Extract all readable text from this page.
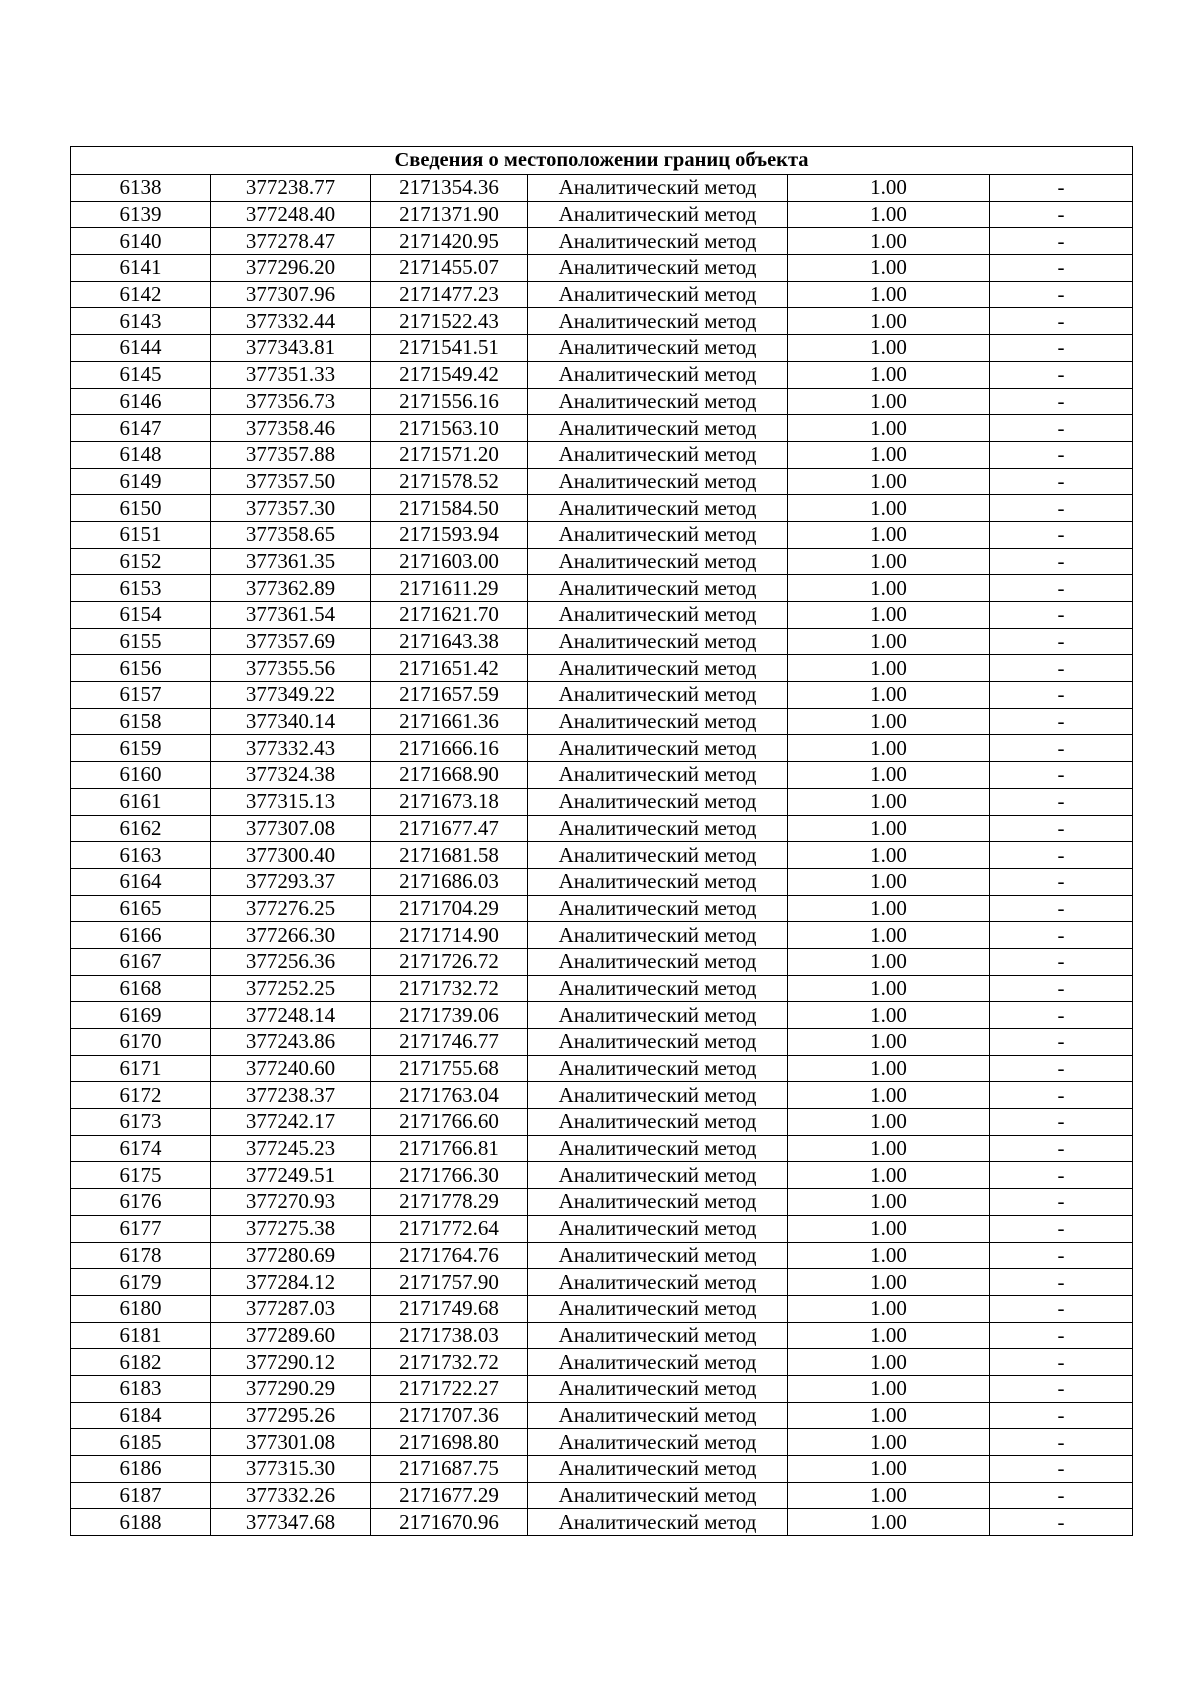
Сведения о местоположении границ объекта					
6138	377238.77	2171354.36	Аналитический метод	1.00	-
6139	377248.40	2171371.90	Аналитический метод	1.00	-
6140	377278.47	2171420.95	Аналитический метод	1.00	-
6141	377296.20	2171455.07	Аналитический метод	1.00	-
6142	377307.96	2171477.23	Аналитический метод	1.00	-
6143	377332.44	2171522.43	Аналитический метод	1.00	-
6144	377343.81	2171541.51	Аналитический метод	1.00	-
6145	377351.33	2171549.42	Аналитический метод	1.00	-
6146	377356.73	2171556.16	Аналитический метод	1.00	-
6147	377358.46	2171563.10	Аналитический метод	1.00	-
6148	377357.88	2171571.20	Аналитический метод	1.00	-
6149	377357.50	2171578.52	Аналитический метод	1.00	-
6150	377357.30	2171584.50	Аналитический метод	1.00	-
6151	377358.65	2171593.94	Аналитический метод	1.00	-
6152	377361.35	2171603.00	Аналитический метод	1.00	-
6153	377362.89	2171611.29	Аналитический метод	1.00	-
6154	377361.54	2171621.70	Аналитический метод	1.00	-
6155	377357.69	2171643.38	Аналитический метод	1.00	-
6156	377355.56	2171651.42	Аналитический метод	1.00	-
6157	377349.22	2171657.59	Аналитический метод	1.00	-
6158	377340.14	2171661.36	Аналитический метод	1.00	-
6159	377332.43	2171666.16	Аналитический метод	1.00	-
6160	377324.38	2171668.90	Аналитический метод	1.00	-
6161	377315.13	2171673.18	Аналитический метод	1.00	-
6162	377307.08	2171677.47	Аналитический метод	1.00	-
6163	377300.40	2171681.58	Аналитический метод	1.00	-
6164	377293.37	2171686.03	Аналитический метод	1.00	-
6165	377276.25	2171704.29	Аналитический метод	1.00	-
6166	377266.30	2171714.90	Аналитический метод	1.00	-
6167	377256.36	2171726.72	Аналитический метод	1.00	-
6168	377252.25	2171732.72	Аналитический метод	1.00	-
6169	377248.14	2171739.06	Аналитический метод	1.00	-
6170	377243.86	2171746.77	Аналитический метод	1.00	-
6171	377240.60	2171755.68	Аналитический метод	1.00	-
6172	377238.37	2171763.04	Аналитический метод	1.00	-
6173	377242.17	2171766.60	Аналитический метод	1.00	-
6174	377245.23	2171766.81	Аналитический метод	1.00	-
6175	377249.51	2171766.30	Аналитический метод	1.00	-
6176	377270.93	2171778.29	Аналитический метод	1.00	-
6177	377275.38	2171772.64	Аналитический метод	1.00	-
6178	377280.69	2171764.76	Аналитический метод	1.00	-
6179	377284.12	2171757.90	Аналитический метод	1.00	-
6180	377287.03	2171749.68	Аналитический метод	1.00	-
6181	377289.60	2171738.03	Аналитический метод	1.00	-
6182	377290.12	2171732.72	Аналитический метод	1.00	-
6183	377290.29	2171722.27	Аналитический метод	1.00	-
6184	377295.26	2171707.36	Аналитический метод	1.00	-
6185	377301.08	2171698.80	Аналитический метод	1.00	-
6186	377315.30	2171687.75	Аналитический метод	1.00	-
6187	377332.26	2171677.29	Аналитический метод	1.00	-
6188	377347.68	2171670.96	Аналитический метод	1.00	-
